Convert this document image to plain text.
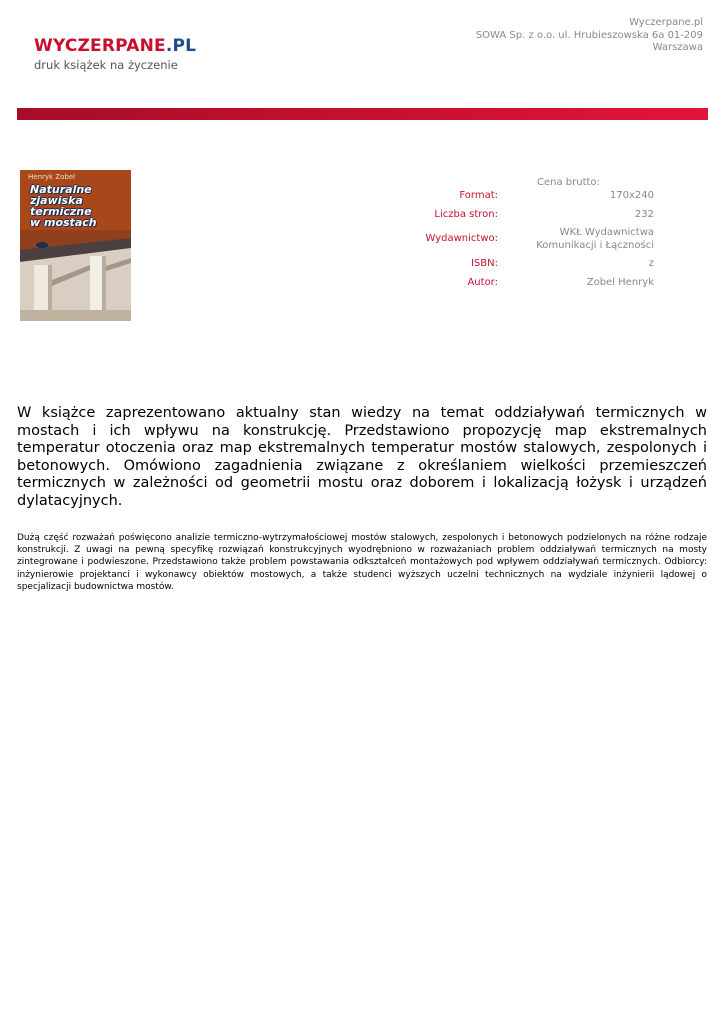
WYCZERPANE.PL
druk książek na życzenie
Wyczerpane.pl
SOWA Sp. z o.o. ul. Hrubieszowska 6a 01-209
Warszawa
Henryk Zobel
Naturalne
zjawiska
termiczne
w mostach
Cena brutto:
Format:	170x240
Liczba stron:	232
Wydawnictwo:
WKŁ Wydawnictwa Komunikacji i Łączności
ISBN:	z
Autor:	Zobel Henryk
W książce zaprezentowano aktualny stan wiedzy na temat oddziaływań termicznych w mostach i ich wpływu na konstrukcję. Przedstawiono propozycję map ekstremalnych temperatur otoczenia oraz map ekstremalnych temperatur mostów stalowych, zespolonych i betonowych. Omówiono zagadnienia związane z określaniem wielkości przemieszczeń termicznych w zależności od geometrii mostu oraz doborem i lokalizacją łożysk i urządzeń dylatacyjnych.
Dużą część rozważań poświęcono analizie termiczno-wytrzymałościowej mostów stalowych, zespolonych i betonowych podzielonych na różne rodzaje konstrukcji. Z uwagi na pewną specyfikę rozwiązań konstrukcyjnych wyodrębniono w rozważaniach problem oddziaływań termicznych na mosty zintegrowane i podwieszone. Przedstawiono także problem powstawania odkształceń montażowych pod wpływem oddziaływań termicznych. Odbiorcy: inżynierowie projektanci i wykonawcy obiektów mostowych, a także studenci wyższych uczelni technicznych na wydziale inżynierii lądowej o specjalizacji budownictwa mostów.
